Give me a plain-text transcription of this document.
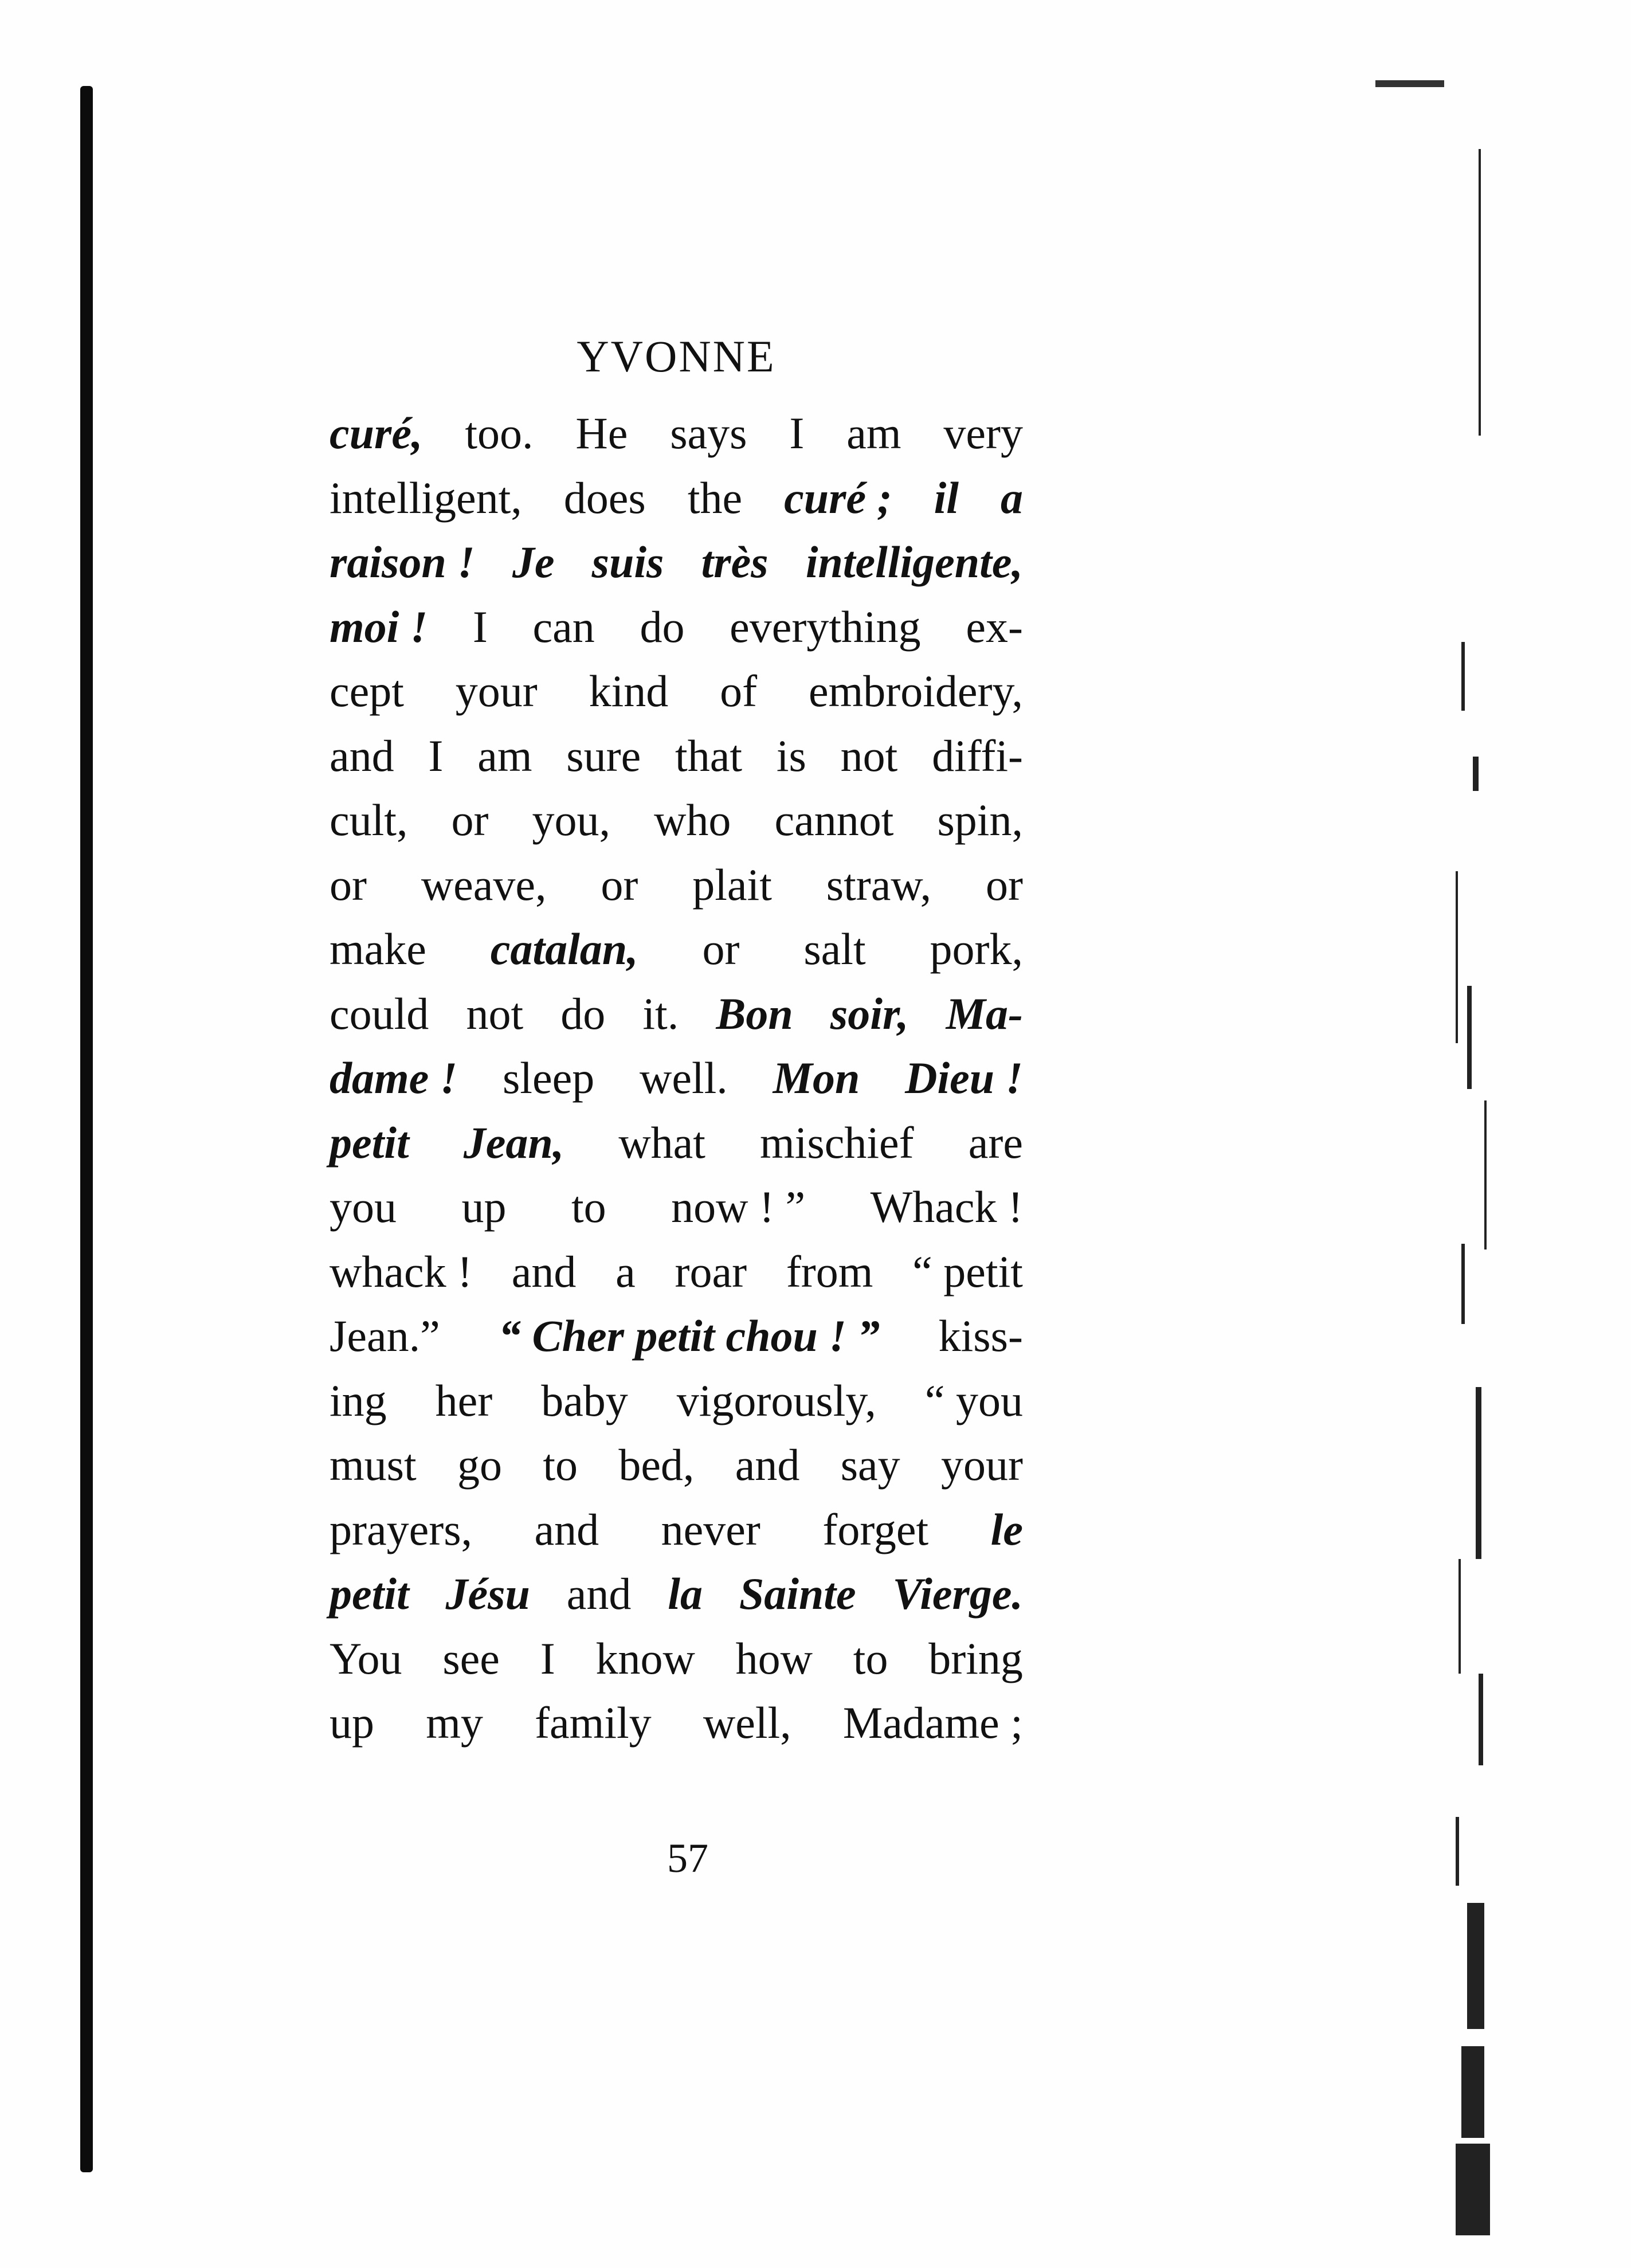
YVONNE
curé, too. He says I am very
intelligent, does the curé ; il a
raison ! Je suis très intelligente,
moi ! I can do everything ex-
cept your kind of embroidery,
and I am sure that is not diffi-
cult, or you, who cannot spin,
or weave, or plait straw, or
make catalan, or salt pork,
could not do it. Bon soir, Ma-
dame ! sleep well. Mon Dieu !
petit Jean, what mischief are
you up to now ! ” Whack !
whack ! and a roar from “ petit
Jean.” “ Cher petit chou ! ” kiss-
ing her baby vigorously, “ you
must go to bed, and say your
prayers, and never forget le
petit Jésu and la Sainte Vierge.
You see I know how to bring
up my family well, Madame ;
57
